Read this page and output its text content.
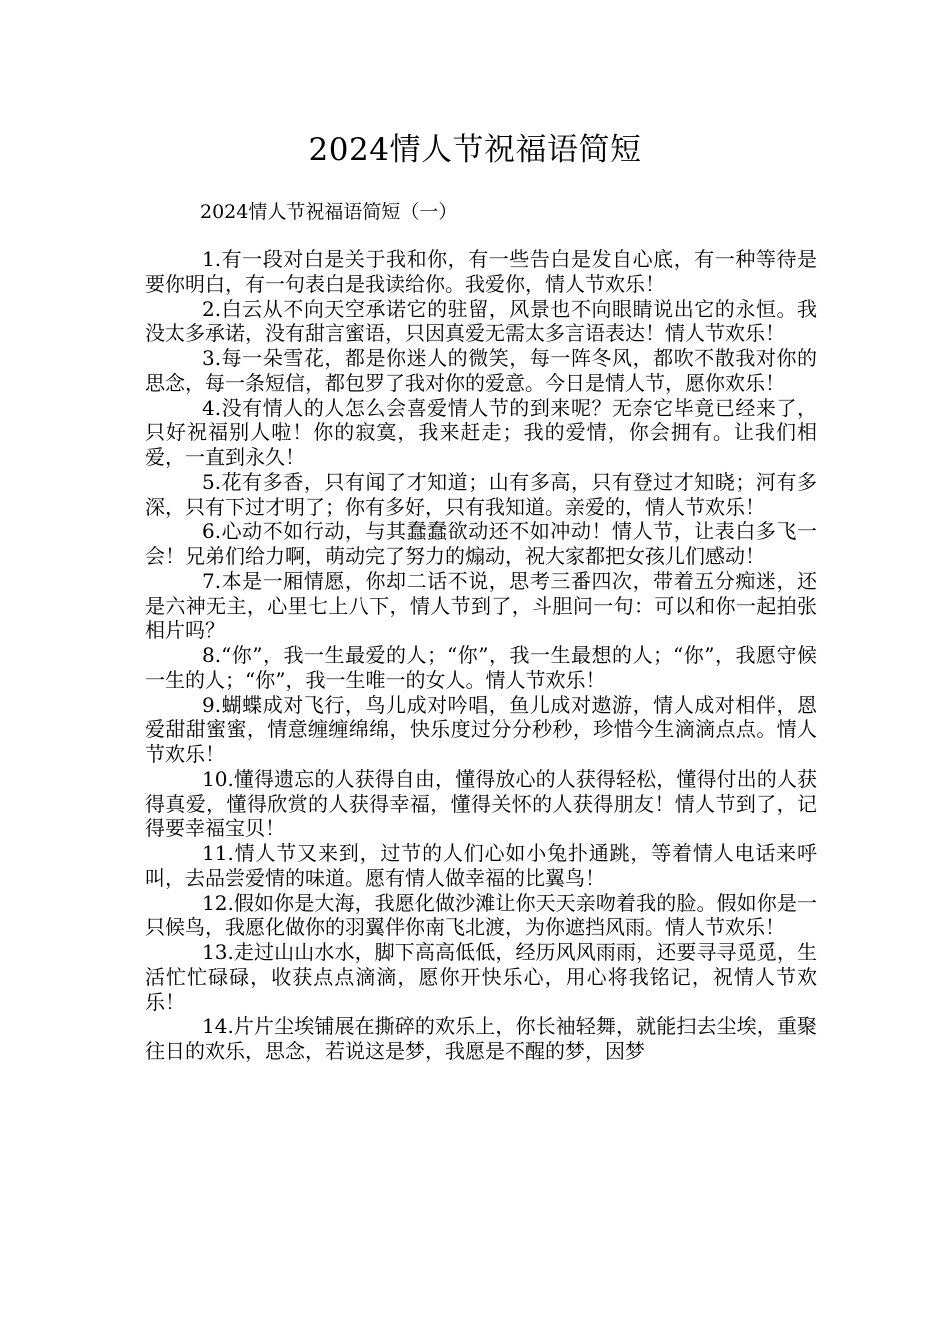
2024情人节祝福语简短
2024情人节祝福语简短（一）

1.有一段对白是关于我和你，有一些告白是发自心底，有一种等待是要你明白，有一句表白是我读给你。我爱你，情人节欢乐！

2.白云从不向天空承诺它的驻留，风景也不向眼睛说出它的永恒。我没太多承诺，没有甜言蜜语，只因真爱无需太多言语表达！情人节欢乐！

3.每一朵雪花，都是你迷人的微笑，每一阵冬风，都吹不散我对你的思念，每一条短信，都包罗了我对你的爱意。今日是情人节，愿你欢乐！

4.没有情人的人怎么会喜爱情人节的到来呢？无奈它毕竟已经来了，只好祝福别人啦！你的寂寞，我来赶走；我的爱情，你会拥有。让我们相爱，一直到永久！

5.花有多香，只有闻了才知道；山有多高，只有登过才知晓；河有多深，只有下过才明了；你有多好，只有我知道。亲爱的，情人节欢乐！

6.心动不如行动，与其蠢蠢欲动还不如冲动！情人节，让表白多飞一会！兄弟们给力啊，萌动完了努力的煽动，祝大家都把女孩儿们感动！

7.本是一厢情愿，你却二话不说，思考三番四次，带着五分痴迷，还是六神无主，心里七上八下，情人节到了，斗胆问一句：可以和你一起拍张相片吗？

8.“你”，我一生最爱的人；“你”，我一生最想的人；“你”，我愿守候一生的人；“你”，我一生唯一的女人。情人节欢乐！

9.蝴蝶成对飞行，鸟儿成对吟唱，鱼儿成对遨游，情人成对相伴，恩爱甜甜蜜蜜，情意缠缠绵绵，快乐度过分分秒秒，珍惜今生滴滴点点。情人节欢乐！

10.懂得遗忘的人获得自由，懂得放心的人获得轻松，懂得付出的人获得真爱，懂得欣赏的人获得幸福，懂得关怀的人获得朋友！情人节到了，记得要幸福宝贝！

11.情人节又来到，过节的人们心如小兔扑通跳，等着情人电话来呼叫，去品尝爱情的味道。愿有情人做幸福的比翼鸟！

12.假如你是大海，我愿化做沙滩让你天天亲吻着我的脸。假如你是一只候鸟，我愿化做你的羽翼伴你南飞北渡，为你遮挡风雨。情人节欢乐！

13.走过山山水水，脚下高高低低，经历风风雨雨，还要寻寻觅觅，生活忙忙碌碌，收获点点滴滴，愿你开快乐心，用心将我铭记，祝情人节欢乐！

14.片片尘埃铺展在撕碎的欢乐上，你长袖轻舞，就能扫去尘埃，重聚往日的欢乐，思念，若说这是梦，我愿是不醒的梦，因梦
